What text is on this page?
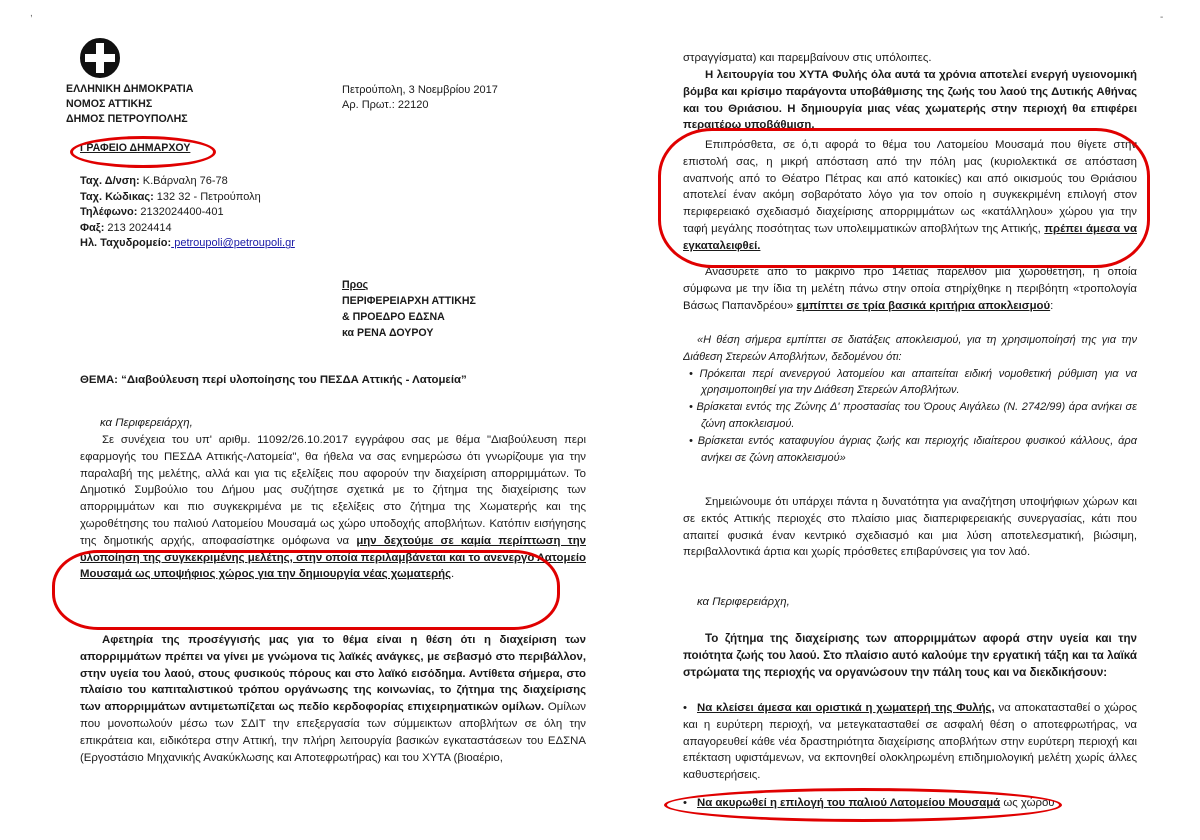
ΕΛΛΗΝΙΚΗ ΔΗΜΟΚΡΑΤΙΑ
ΝΟΜΟΣ ΑΤΤΙΚΗΣ
ΔΗΜΟΣ ΠΕΤΡΟΥΠΟΛΗΣ
ΓΡΑΦΕΙΟ ΔΗΜΑΡΧΟΥ
Πετρούπολη, 3 Νοεμβρίου 2017
Αρ. Πρωτ.: 22120
Ταχ. Δ/νση: Κ.Βάρναλη 76-78
Ταχ. Κώδικας: 132 32 - Πετρούπολη
Τηλέφωνο: 2132024400-401
Φαξ: 213 2024414
Ηλ. Ταχυδρομείο: petroupoli@petroupoli.gr
Προς
ΠΕΡΙΦΕΡΕΙΑΡΧΗ ΑΤΤΙΚΗΣ
& ΠΡΟΕΔΡΟ ΕΔΣΝΑ
κα ΡΕΝΑ ΔΟΥΡΟΥ
ΘΕΜΑ: “Διαβούλευση περί υλοποίησης του ΠΕΣΔΑ Αττικής - Λατομεία”
κα Περιφερειάρχη,
Σε συνέχεια του υπ' αριθμ. 11092/26.10.2017 εγγράφου σας με θέμα "Διαβούλευση περι εφαρμογής του ΠΕΣΔΑ Αττικής-Λατομεία", θα ήθελα να σας ενημερώσω ότι γνωρίζουμε για την παραλαβή της μελέτης, αλλά και για τις εξελίξεις που αφορούν την διαχείριση απορριμμάτων. Το Δημοτικό Συμβούλιο του Δήμου μας συζήτησε σχετικά με το ζήτημα της διαχείρισης των απορριμμάτων και πιο συγκεκριμένα με τις εξελίξεις στο ζήτημα της Χωματερής και της χωροθέτησης του παλιού Λατομείου Μουσαμά ως χώρο υποδοχής αποβλήτων. Κατόπιν εισήγησης της δημοτικής αρχής, αποφασίστηκε ομόφωνα να μην δεχτούμε σε καμία περίπτωση την υλοποίηση της συγκεκριμένης μελέτης, στην οποία περιλαμβάνεται και το ανενεργό Λατομείο Μουσαμά ως υποψήφιος χώρος για την δημιουργία νέας χωματερής.
Αφετηρία της προσέγγισής μας για το θέμα είναι η θέση ότι η διαχείριση των απορριμμάτων πρέπει να γίνει με γνώμονα τις λαϊκές ανάγκες, με σεβασμό στο περιβάλλον, στην υγεία του λαού, στους φυσικούς πόρους και στο λαϊκό εισόδημα. Αντίθετα σήμερα, στο πλαίσιο του καπιταλιστικού τρόπου οργάνωσης της κοινωνίας, το ζήτημα της διαχείρισης των απορριμμάτων αντιμετωπίζεται ως πεδίο κερδοφορίας επιχειρηματικών ομίλων. Ομίλων που μονοπωλούν μέσω των ΣΔΙΤ την επεξεργασία των σύμμεικτων αποβλήτων σε όλη την επικράτεια και, ειδικότερα στην Αττική, την πλήρη λειτουργία βασικών εγκαταστάσεων του ΕΔΣΝΑ (Εργοστάσιο Μηχανικής Ανακύκλωσης και Αποτεφρωτήρας) και του ΧΥΤΑ (βιοαέριο,
στραγγίσματα) και παρεμβαίνουν στις υπόλοιπες.
Η λειτουργία του ΧΥΤΑ Φυλής όλα αυτά τα χρόνια αποτελεί ενεργή υγειονομική βόμβα και κρίσιμο παράγοντα υποβάθμισης της ζωής του λαού της Δυτικής Αθήνας και του Θριάσιου. Η δημιουργία μιας νέας χωματερής στην περιοχή θα επιφέρει περαιτέρω υποβάθμιση.
Επιπρόσθετα, σε ό,τι αφορά το θέμα του Λατομείου Μουσαμά που θίγετε στην επιστολή σας, η μικρή απόσταση από την πόλη μας (κυριολεκτικά σε απόσταση αναπνοής από το Θέατρο Πέτρας και από κατοικίες) και από οικισμούς του Θριάσιου αποτελεί έναν ακόμη σοβαρότατο λόγο για τον οποίο η συγκεκριμένη επιλογή στον περιφερειακό σχεδιασμό διαχείρισης απορριμμάτων ως «κατάλληλου» χώρου για την ταφή μεγάλης ποσότητας των υπολειμματικών αποβλήτων της Αττικής, πρέπει άμεσα να εγκαταλειφθεί.
Ανασύρετε από το μακρινό προ 14ετίας παρελθόν μια χωροθέτηση, η οποία σύμφωνα με την ίδια τη μελέτη πάνω στην οποία στηρίχθηκε η περιβόητη «τροπολογία Βάσως Παπανδρέου» εμπίπτει σε τρία βασικά κριτήρια αποκλεισμού:
«Η θέση σήμερα εμπίπτει σε διατάξεις αποκλεισμού, για τη χρησιμοποίησή της για την Διάθεση Στερεών Αποβλήτων, δεδομένου ότι:
• Πρόκειται περί ανενεργού λατομείου και απαιτείται ειδική νομοθετική ρύθμιση για να χρησιμοποιηθεί για την Διάθεση Στερεών Αποβλήτων.
• Βρίσκεται εντός της Ζώνης Δ' προστασίας του Όρους Αιγάλεω (Ν. 2742/99) άρα ανήκει σε ζώνη αποκλεισμού.
• Βρίσκεται εντός καταφυγίου άγριας ζωής και περιοχής ιδιαίτερου φυσικού κάλλους, άρα ανήκει σε ζώνη αποκλεισμού»
Σημειώνουμε ότι υπάρχει πάντα η δυνατότητα για αναζήτηση υποψήφιων χώρων και σε εκτός Αττικής περιοχές στο πλαίσιο μιας διαπεριφερειακής συνεργασίας, κάτι που απαιτεί φυσικά έναν κεντρικό σχεδιασμό και μια λύση αποτελεσματική, βιώσιμη, περιβαλλοντικά άρτια και χωρίς πρόσθετες επιβαρύνσεις για τον λαό.
κα Περιφερειάρχη,
Το ζήτημα της διαχείρισης των απορριμμάτων αφορά στην υγεία και την ποιότητα ζωής του λαού. Στο πλαίσιο αυτό καλούμε την εργατική τάξη και τα λαϊκά στρώματα της περιοχής να οργανώσουν την πάλη τους και να διεκδικήσουν:
• Να κλείσει άμεσα και οριστικά η χωματερή της Φυλής, να αποκατασταθεί ο χώρος και η ευρύτερη περιοχή, να μετεγκατασταθεί σε ασφαλή θέση ο αποτεφρωτήρας, να απαγορευθεί κάθε νέα δραστηριότητα διαχείρισης αποβλήτων στην ευρύτερη περιοχή και επέκταση υφιστάμενων, να εκπονηθεί ολοκληρωμένη επιδημιολογική μελέτη χωρίς άλλες καθυστερήσεις.
• Να ακυρωθεί η επιλογή του παλιού Λατομείου Μουσαμά ως χώρου
,	-
